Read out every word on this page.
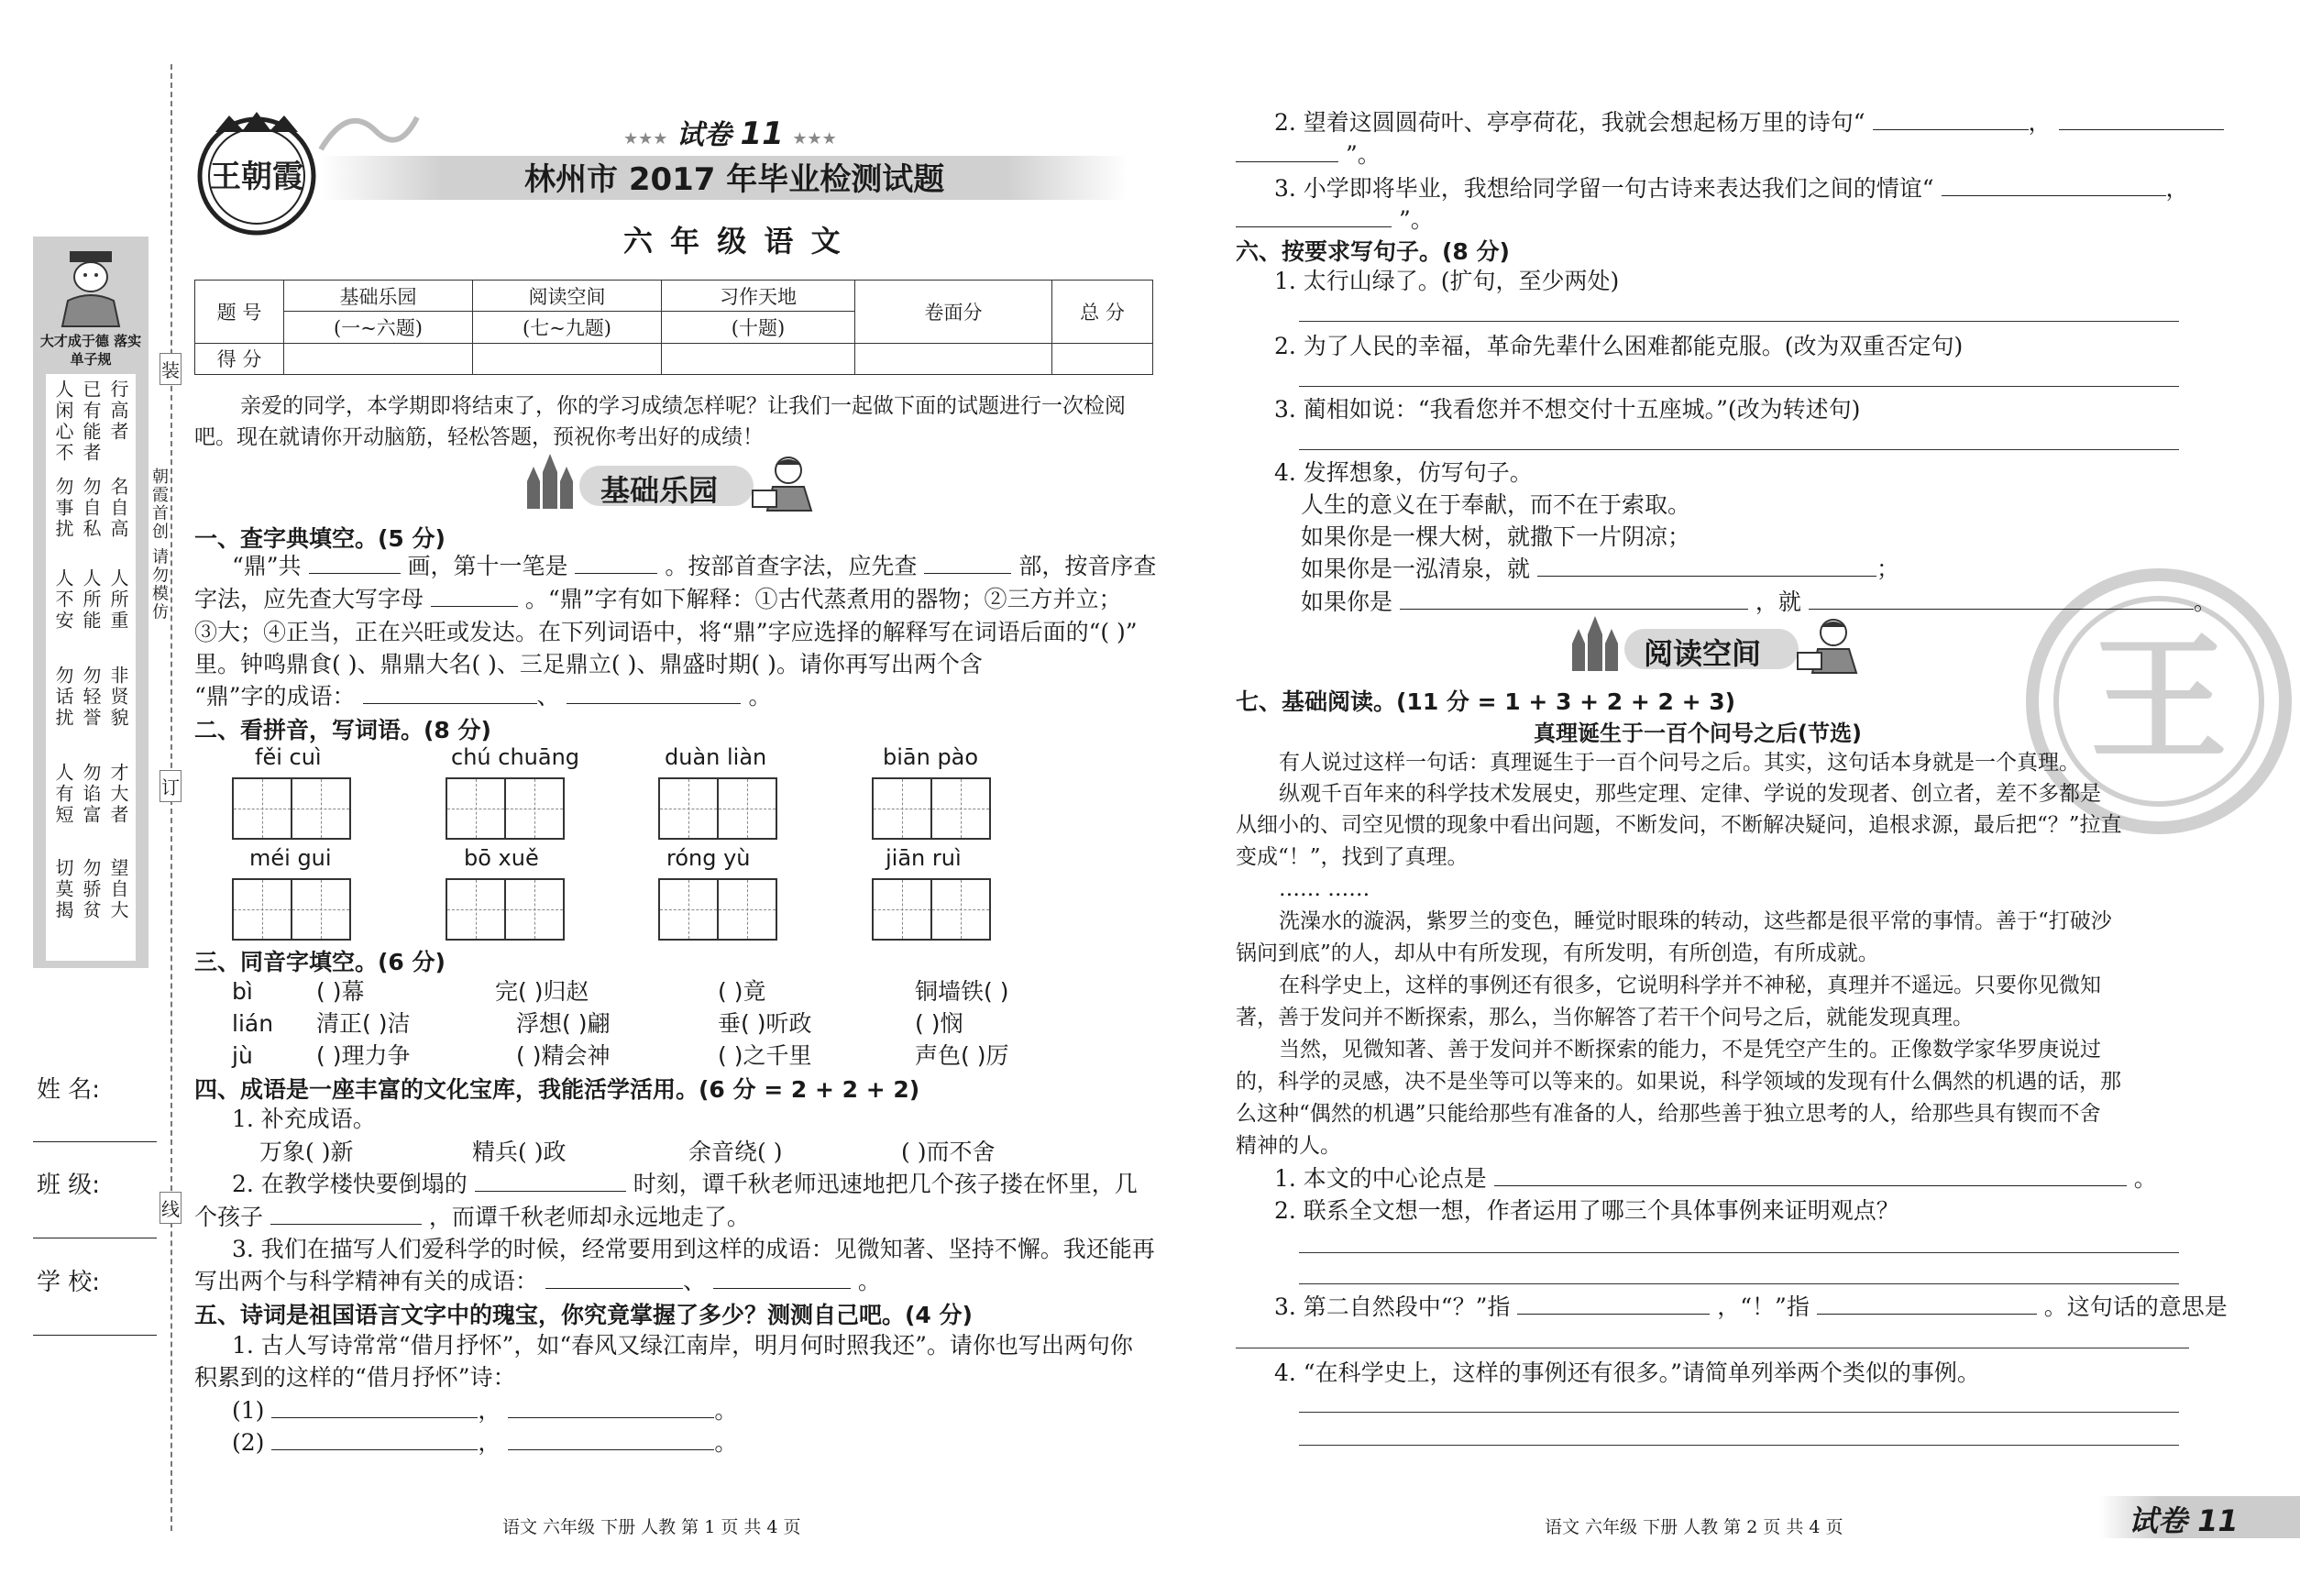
装
订
线
朝霞首创 请勿模仿
大才成于德 落实单子规
人闲心不 已有能者 行高者
勿事扰 勿自私 名自高
人不安 人所能 人所重
勿话扰 勿轻誉 非贤貌
人有短 勿谄富 才大者
切莫揭 勿骄贫 望自大
姓 名:
班 级:
学 校:
王朝霞
★★★ 试卷 11 ★★★
林州市 2017 年毕业检测试题
六 年 级 语 文
题 号	基础乐园	阅读空间	习作天地	卷面分	总 分
	(一~六题)	(七~九题)	(十题)		
得 分					
亲爱的同学，本学期即将结束了，你的学习成绩怎样呢？让我们一起做下面的试题进行一次检阅
吧。现在就请你开动脑筋，轻松答题，预祝你考出好的成绩！
基础乐园
一、查字典填空。(5 分)
“鼎”共	画，第十一笔是	。按部首查字法，应先查	部，按音序查
字法，应先查大写字母	。“鼎”字有如下解释：①古代蒸煮用的器物；②三方并立；
③大；④正当，正在兴旺或发达。在下列词语中，将“鼎”字应选择的解释写在词语后面的“( )”
里。钟鸣鼎食( )、鼎鼎大名( )、三足鼎立( )、鼎盛时期( )。请你再写出两个含
“鼎”字的成语：	、	。
二、看拼音，写词语。(8 分)
fěi cuì	chú chuāng	duàn liàn	biān pào
méi gui	bō xuě	róng yù	jiān ruì
三、同音字填空。(6 分)
bì	( )幕	完( )归赵	( )竟	铜墙铁( )
lián 清正( )洁	浮想( )翩	垂( )听政	( )悯
jù	( )理力争	( )精会神	( )之千里	声色( )厉
四、成语是一座丰富的文化宝库，我能活学活用。(6 分 = 2 + 2 + 2)
1. 补充成语。
万象( )新	精兵( )政	余音绕( )	( )而不舍
2. 在教学楼快要倒塌的	时刻，谭千秋老师迅速地把几个孩子搂在怀里，几
个孩子	，而谭千秋老师却永远地走了。
3. 我们在描写人们爱科学的时候，经常要用到这样的成语：见微知著、坚持不懈。我还能再
写出两个与科学精神有关的成语：	、	。
五、诗词是祖国语言文字中的瑰宝，你究竟掌握了多少？测测自己吧。(4 分)
1. 古人写诗常常“借月抒怀”，如“春风又绿江南岸，明月何时照我还”。请你也写出两句你
积累到的这样的“借月抒怀”诗：
(1)	，	。
(2)	，	。
语文 六年级 下册 人教 第 1 页 共 4 页
2. 望着这圆圆荷叶、亭亭荷花，我就会想起杨万里的诗句“	，
”。
3. 小学即将毕业，我想给同学留一句古诗来表达我们之间的情谊“	，
”。
六、按要求写句子。(8 分)
1. 太行山绿了。(扩句，至少两处)
2. 为了人民的幸福，革命先辈什么困难都能克服。(改为双重否定句)
3. 蔺相如说：“我看您并不想交付十五座城。”(改为转述句)
4. 发挥想象，仿写句子。
人生的意义在于奉献，而不在于索取。
如果你是一棵大树，就撒下一片阴凉；
如果你是一泓清泉，就	；
如果你是	，就	。
阅读空间 王
七、基础阅读。(11 分 = 1 + 3 + 2 + 2 + 3)
真理诞生于一百个问号之后(节选)
有人说过这样一句话：真理诞生于一百个问号之后。其实，这句话本身就是一个真理。
纵观千百年来的科学技术发展史，那些定理、定律、学说的发现者、创立者，差不多都是
从细小的、司空见惯的现象中看出问题，不断发问，不断解决疑问，追根求源，最后把“？”拉直
变成“！”，找到了真理。
…… ……
洗澡水的漩涡，紫罗兰的变色，睡觉时眼珠的转动，这些都是很平常的事情。善于“打破沙
锅问到底”的人，却从中有所发现，有所发明，有所创造，有所成就。
在科学史上，这样的事例还有很多，它说明科学并不神秘，真理并不遥远。只要你见微知
著，善于发问并不断探索，那么，当你解答了若干个问号之后，就能发现真理。
当然，见微知著、善于发问并不断探索的能力，不是凭空产生的。正像数学家华罗庚说过
的，科学的灵感，决不是坐等可以等来的。如果说，科学领域的发现有什么偶然的机遇的话，那
么这种“偶然的机遇”只能给那些有准备的人，给那些善于独立思考的人，给那些具有锲而不舍
精神的人。
1. 本文的中心论点是	。
2. 联系全文想一想，作者运用了哪三个具体事例来证明观点？
3. 第二自然段中“？”指	，“！”指	。这句话的意思是
4. “在科学史上，这样的事例还有很多。”请简单列举两个类似的事例。
语文 六年级 下册 人教 第 2 页 共 4 页	试卷 11
